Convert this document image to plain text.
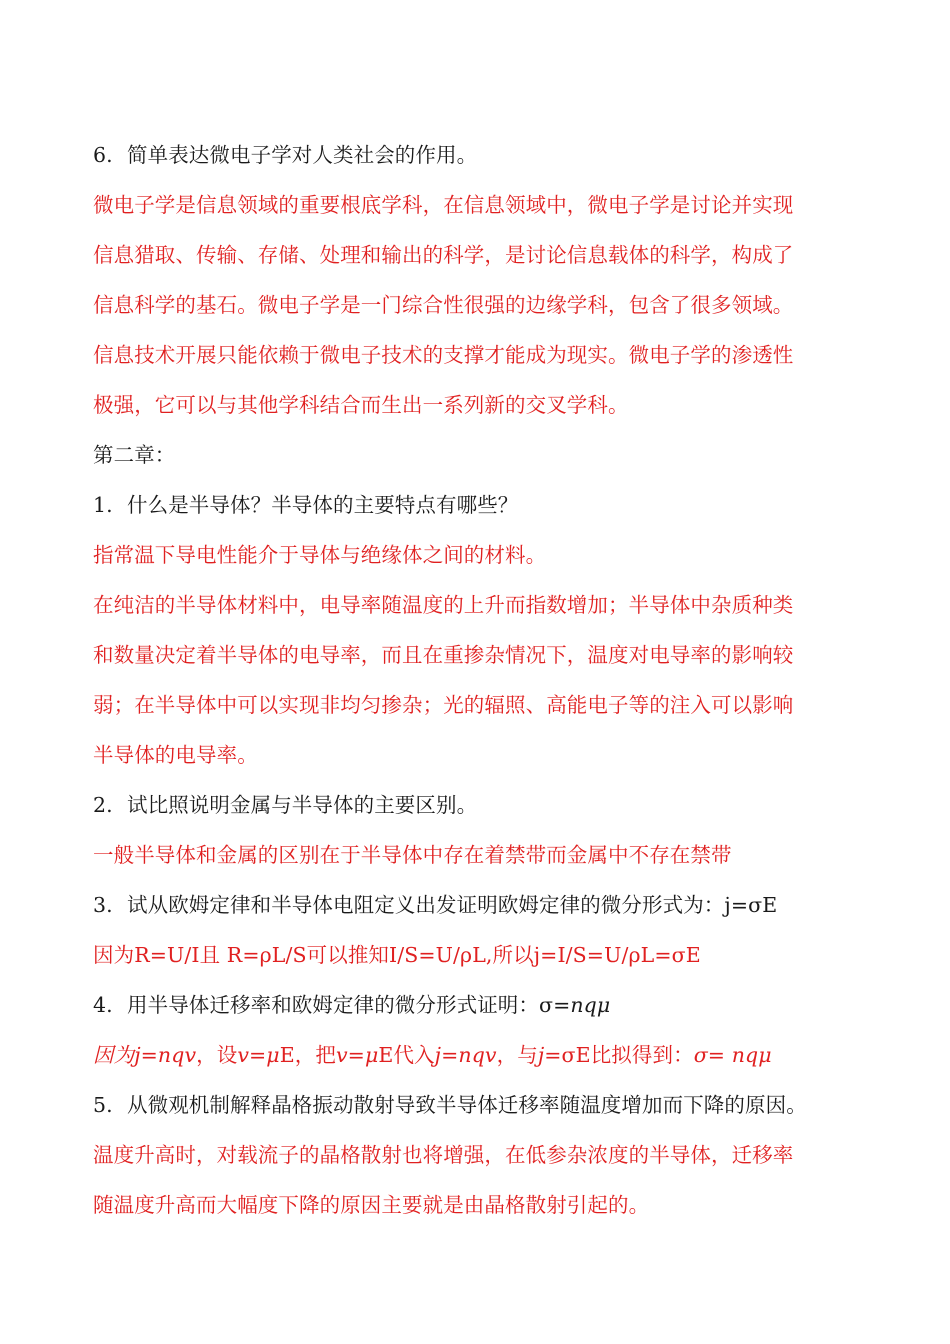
6. 简单表达微电子学对人类社会的作用。
微电子学是信息领域的重要根底学科，在信息领域中，微电子学是讨论并实现
信息猎取、传输、存储、处理和输出的科学，是讨论信息载体的科学，构成了
信息科学的基石。微电子学是一门综合性很强的边缘学科，包含了很多领域。
信息技术开展只能依赖于微电子技术的支撑才能成为现实。微电子学的渗透性
极强，它可以与其他学科结合而生出一系列新的交叉学科。
第二章：
1. 什么是半导体？半导体的主要特点有哪些？
指常温下导电性能介于导体与绝缘体之间的材料。
在纯洁的半导体材料中，电导率随温度的上升而指数增加；半导体中杂质种类
和数量决定着半导体的电导率，而且在重掺杂情况下，温度对电导率的影响较
弱；在半导体中可以实现非均匀掺杂；光的辐照、高能电子等的注入可以影响
半导体的电导率。
2. 试比照说明金属与半导体的主要区别。
一般半导体和金属的区别在于半导体中存在着禁带而金属中不存在禁带
3. 试从欧姆定律和半导体电阻定义出发证明欧姆定律的微分形式为：j=σE
因为R=U/I且 R=ρL/S可以推知I/S=U/ρL,所以j=I/S=U/ρL=σE
4. 用半导体迁移率和欧姆定律的微分形式证明：σ=nqμ
因为j=nqv，设v=μE，把v=μE代入j=nqv，与j=σE比拟得到：σ= nqμ
5. 从微观机制解释晶格振动散射导致半导体迁移率随温度增加而下降的原因。
温度升高时，对载流子的晶格散射也将增强，在低参杂浓度的半导体，迁移率
随温度升高而大幅度下降的原因主要就是由晶格散射引起的。
